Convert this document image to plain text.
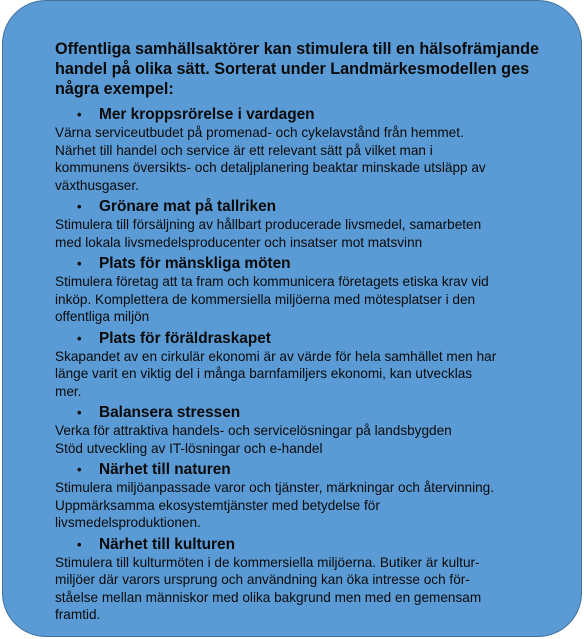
Offentliga samhällsaktörer kan stimulera till en hälsofrämjande handel på olika sätt. Sorterat under Landmärkesmodellen ges några exempel:

•	Mer kroppsrörelse i vardagen

Värna serviceutbudet på promenad- och cykelavstånd från hemmet.
Närhet till handel och service är ett relevant sätt på vilket man i
kommunens översikts- och detaljplanering beaktar minskade utsläpp av
växthusgaser.

•	Grönare mat på tallriken

Stimulera till försäljning av hållbart producerade livsmedel, samarbeten
med lokala livsmedelsproducenter och insatser mot matsvinn

•	Plats för mänskliga möten

Stimulera företag att ta fram och kommunicera företagets etiska krav vid
inköp. Komplettera de kommersiella miljöerna med mötesplatser i den
offentliga miljön

•	Plats för föräldraskapet

Skapandet av en cirkulär ekonomi är av värde för hela samhället men har
länge varit en viktig del i många barnfamiljers ekonomi, kan utvecklas
mer.

•	Balansera stressen

Verka för attraktiva handels- och servicelösningar på landsbygden
Stöd utveckling av IT-lösningar och e-handel

•	Närhet till naturen

Stimulera miljöanpassade varor och tjänster, märkningar och återvinning.
Uppmärksamma ekosystemtjänster med betydelse för
livsmedelsproduktionen.

•	Närhet till kulturen

Stimulera till kulturmöten i de kommersiella miljöerna. Butiker är kultur-
miljöer där varors ursprung och användning kan öka intresse och för-
ståelse mellan människor med olika bakgrund men med en gemensam
framtid.
